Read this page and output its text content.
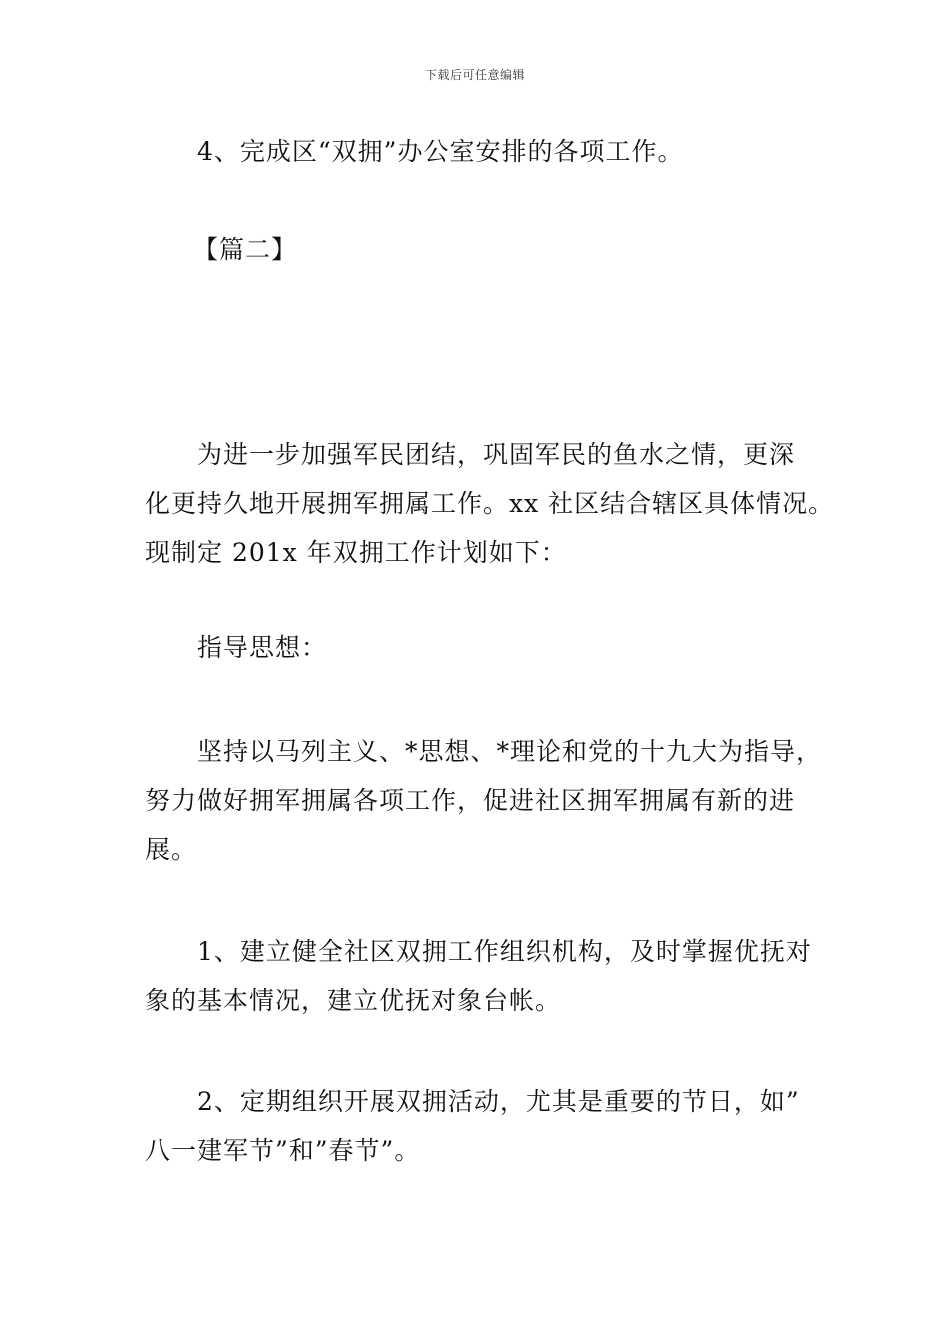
下载后可任意编辑

4、完成区“双拥”办公室安排的各项工作。

【篇二】

为进一步加强军民团结，巩固军民的鱼水之情，更深
化更持久地开展拥军拥属工作。xx 社区结合辖区具体情况。
现制定 201x 年双拥工作计划如下：

指导思想：

坚持以马列主义、*思想、*理论和党的十九大为指导，
努力做好拥军拥属各项工作，促进社区拥军拥属有新的进
展。
1、建立健全社区双拥工作组织机构，及时掌握优抚对
象的基本情况，建立优抚对象台帐。
2、定期组织开展双拥活动，尤其是重要的节日，如”
八一建军节”和”春节”。
